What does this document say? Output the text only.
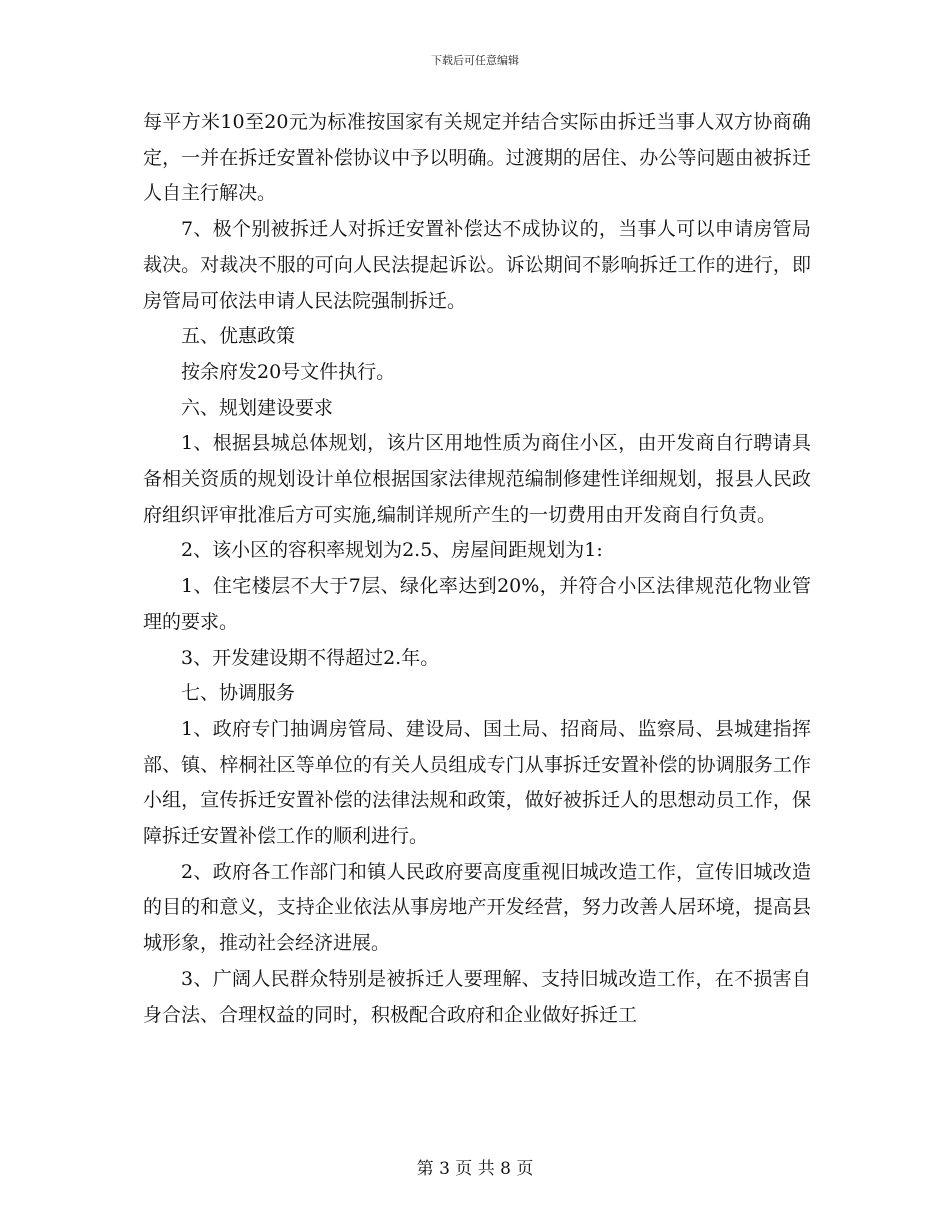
下载后可任意编辑

每平方米10至20元为标准按国家有关规定并结合实际由拆迁当事人双方协商确定，一并在拆迁安置补偿协议中予以明确。过渡期的居住、办公等问题由被拆迁人自主行解决。

7、极个别被拆迁人对拆迁安置补偿达不成协议的，当事人可以申请房管局裁决。对裁决不服的可向人民法提起诉讼。诉讼期间不影响拆迁工作的进行，即房管局可依法申请人民法院强制拆迁。

五、优惠政策

按余府发20号文件执行。

六、规划建设要求

1、根据县城总体规划，该片区用地性质为商住小区，由开发商自行聘请具备相关资质的规划设计单位根据国家法律规范编制修建性详细规划，报县人民政府组织评审批准后方可实施,编制详规所产生的一切费用由开发商自行负责。

2、该小区的容积率规划为2.5、房屋间距规划为1:

1、住宅楼层不大于7层、绿化率达到20%，并符合小区法律规范化物业管理的要求。

3、开发建设期不得超过2.年。

七、协调服务

1、政府专门抽调房管局、建设局、国土局、招商局、监察局、县城建指挥部、镇、梓桐社区等单位的有关人员组成专门从事拆迁安置补偿的协调服务工作小组，宣传拆迁安置补偿的法律法规和政策，做好被拆迁人的思想动员工作，保障拆迁安置补偿工作的顺利进行。

2、政府各工作部门和镇人民政府要高度重视旧城改造工作，宣传旧城改造的目的和意义，支持企业依法从事房地产开发经营，努力改善人居环境，提高县城形象，推动社会经济进展。

3、广阔人民群众特别是被拆迁人要理解、支持旧城改造工作，在不损害自身合法、合理权益的同时，积极配合政府和企业做好拆迁工

第 3 页 共 8 页
